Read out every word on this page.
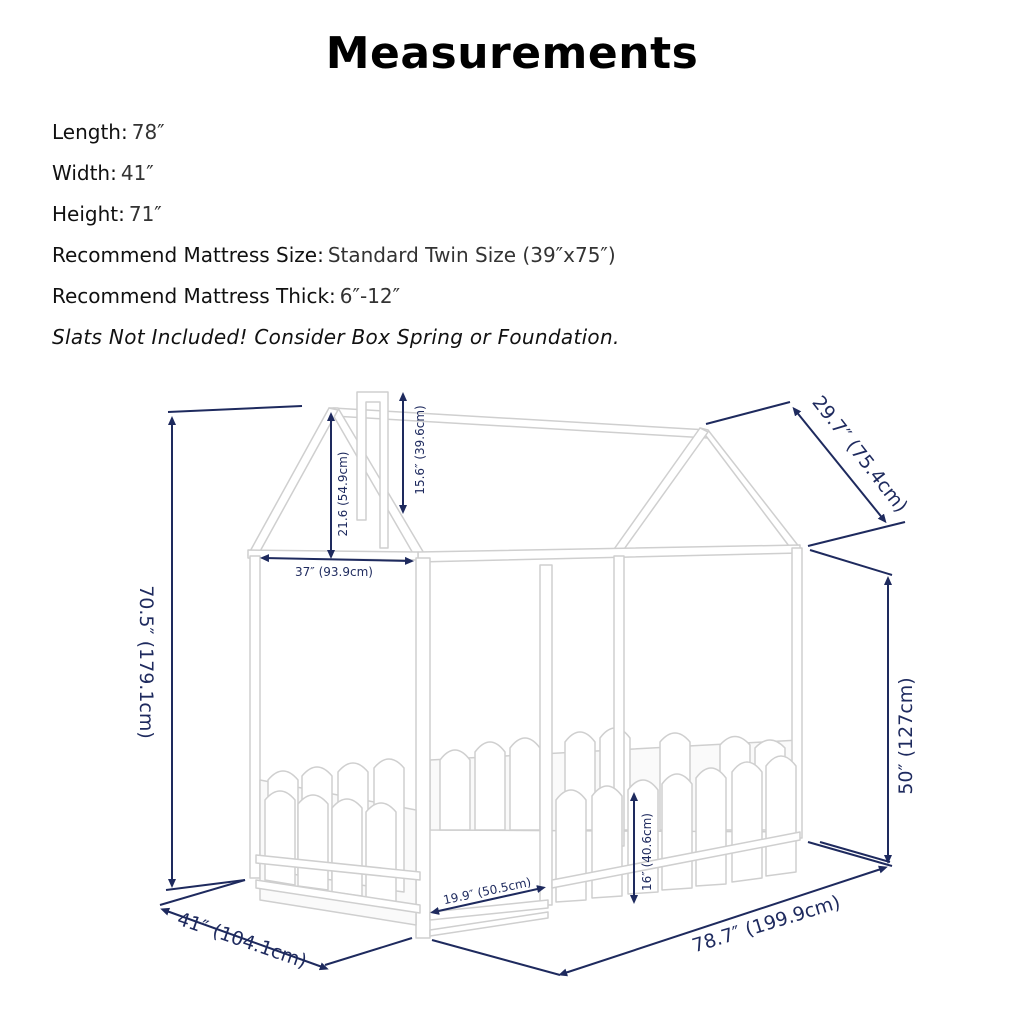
Measurements
Length: 78″
Width: 41″
Height: 71″
Recommend Mattress Size: Standard Twin Size (39″x75″)
Recommend Mattress Thick: 6″-12″
Slats Not Included! Consider Box Spring or Foundation.
70.5″ (179.1cm)
29.7″ (75.4cm)
15.6″ (39.6cm)
21.6 (54.9cm)
37″ (93.9cm)
50″ (127cm)
16″ (40.6cm)
19.9″ (50.5cm)
41″ (104.1cm)	78.7″ (199.9cm)
